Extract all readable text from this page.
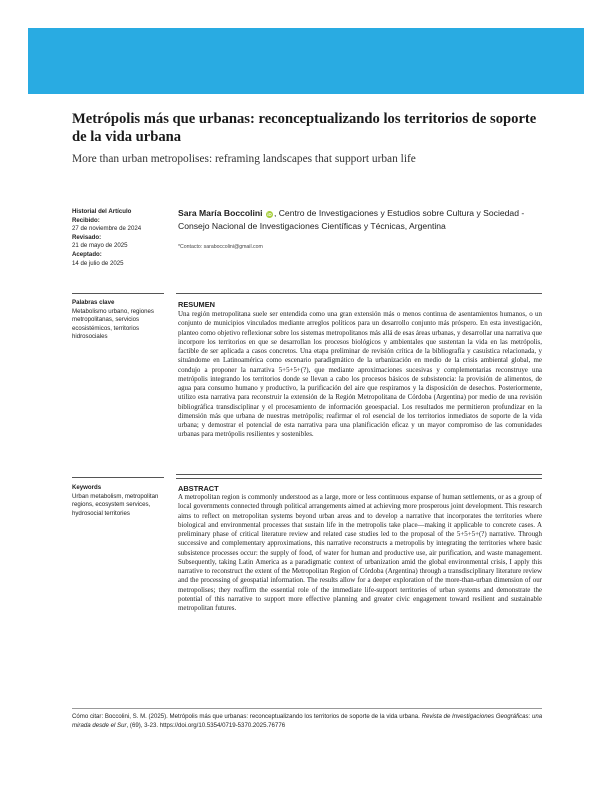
Metrópolis más que urbanas: reconceptualizando los territorios de soporte de la vida urbana
More than urban metropolises: reframing landscapes that support urban life
Historial del Artículo
Recibido:
27 de noviembre de 2024
Revisado:
21 de mayo de 2025
Aceptado:
14 de julio de 2025
Sara María Boccolini iD , Centro de Investigaciones y Estudios sobre Cultura y Sociedad - Consejo Nacional de Investigaciones Científicas y Técnicas, Argentina
*Contacto: saraboccolini@gmail.com
Palabras clave
Metabolismo urbano, regiones metropolitanas, servicios ecosistémicos, territorios hidrosociales
RESUMEN
Una región metropolitana suele ser entendida como una gran extensión más o menos continua de asentamientos humanos, o un conjunto de municipios vinculados mediante arreglos políticos para un desarrollo conjunto más próspero. En esta investigación, planteo como objetivo reflexionar sobre los sistemas metropolitanos más allá de esas áreas urbanas, y desarrollar una narrativa que incorpore los territorios en que se desarrollan los procesos biológicos y ambientales que sustentan la vida en las metrópolis, factible de ser aplicada a casos concretos. Una etapa preliminar de revisión crítica de la bibliografía y casuística relacionada, y situándome en Latinoamérica como escenario paradigmático de la urbanización en medio de la crisis ambiental global, me condujo a proponer la narrativa 5+5+5+(?), que mediante aproximaciones sucesivas y complementarias reconstruye una metrópolis integrando los territorios donde se llevan a cabo los procesos básicos de subsistencia: la provisión de alimentos, de agua para consumo humano y productivo, la purificación del aire que respiramos y la disposición de desechos. Posteriormente, utilizo esta narrativa para reconstruir la extensión de la Región Metropolitana de Córdoba (Argentina) por medio de una revisión bibliográfica transdisciplinar y el procesamiento de información geoespacial. Los resultados me permitieron profundizar en la dimensión más que urbana de nuestras metrópolis; reafirmar el rol esencial de los territorios inmediatos de soporte de la vida urbana; y demostrar el potencial de esta narrativa para una planificación eficaz y un mayor compromiso de las comunidades urbanas para metrópolis resilientes y sostenibles.
Keywords
Urban metabolism, metropolitan regions, ecosystem services, hydrosocial territories
ABSTRACT
A metropolitan region is commonly understood as a large, more or less continuous expanse of human settlements, or as a group of local governments connected through political arrangements aimed at achieving more prosperous joint development. This research aims to reflect on metropolitan systems beyond urban areas and to develop a narrative that incorporates the territories where biological and environmental processes that sustain life in the metropolis take place—making it applicable to concrete cases. A preliminary phase of critical literature review and related case studies led to the proposal of the 5+5+5+(?) narrative. Through successive and complementary approximations, this narrative reconstructs a metropolis by integrating the territories where basic subsistence processes occur: the supply of food, of water for human and productive use, air purification, and waste management. Subsequently, taking Latin America as a paradigmatic context of urbanization amid the global environmental crisis, I apply this narrative to reconstruct the extent of the Metropolitan Region of Córdoba (Argentina) through a transdisciplinary literature review and the processing of geospatial information. The results allow for a deeper exploration of the more-than-urban dimension of our metropolises; they reaffirm the essential role of the immediate life-support territories of urban systems and demonstrate the potential of this narrative to support more effective planning and greater civic engagement toward resilient and sustainable metropolitan futures.
Cómo citar: Boccolini, S. M. (2025). Metrópolis más que urbanas: reconceptualizando los territorios de soporte de la vida urbana. Revista de Investigaciones Geográficas: una mirada desde el Sur, (69), 3-23. https://doi.org/10.5354/0719-5370.2025.76776
